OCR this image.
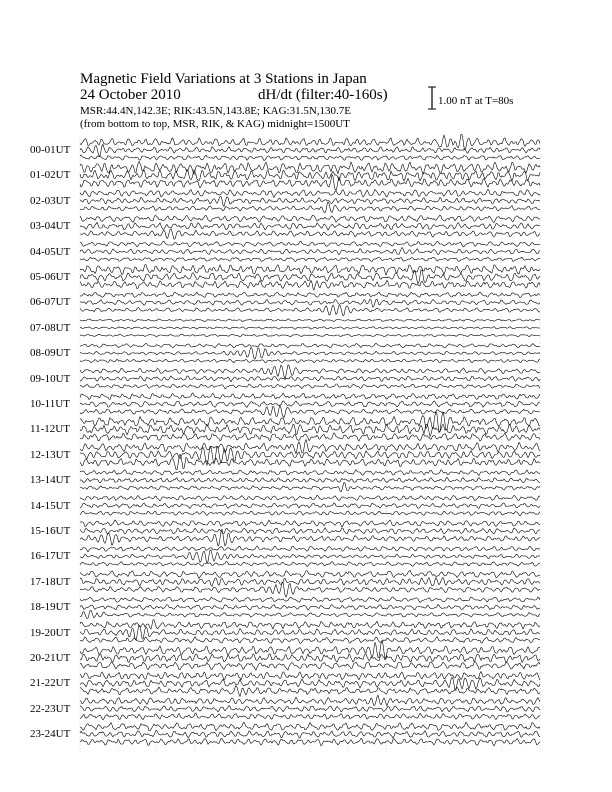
Magnetic Field Variations at 3 Stations in Japan
24 October 2010	dH/dt (filter:40-160s)
MSR:44.4N,142.3E; RIK:43.5N,143.8E; KAG:31.5N,130.7E
(from bottom to top, MSR, RIK, & KAG) midnight=1500UT
1.00 nT at T=80s
00-01UT
01-02UT
02-03UT
03-04UT
04-05UT
05-06UT
06-07UT
07-08UT
08-09UT
09-10UT
10-11UT
11-12UT
12-13UT
13-14UT
14-15UT
15-16UT
16-17UT
17-18UT
18-19UT
19-20UT
20-21UT
21-22UT
22-23UT
23-24UT
